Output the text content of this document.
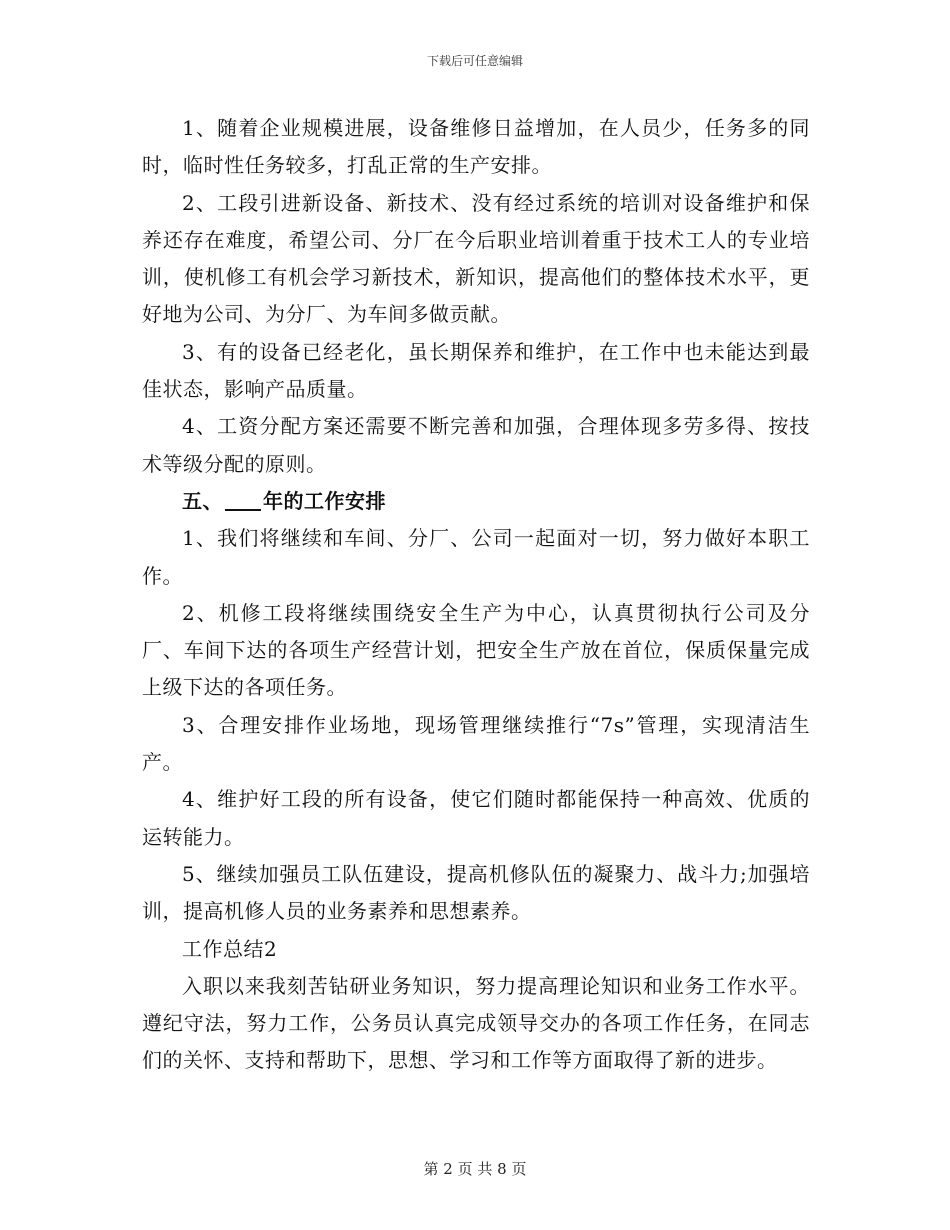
下载后可任意编辑

1、随着企业规模进展，设备维修日益增加，在人员少，任务多的同时，临时性任务较多，打乱正常的生产安排。

2、工段引进新设备、新技术、没有经过系统的培训对设备维护和保养还存在难度，希望公司、分厂在今后职业培训着重于技术工人的专业培训，使机修工有机会学习新技术，新知识，提高他们的整体技术水平，更好地为公司、为分厂、为车间多做贡献。

3、有的设备已经老化，虽长期保养和维护，在工作中也未能达到最佳状态，影响产品质量。

4、工资分配方案还需要不断完善和加强，合理体现多劳多得、按技术等级分配的原则。

五、 年的工作安排

1、我们将继续和车间、分厂、公司一起面对一切，努力做好本职工作。

2、机修工段将继续围绕安全生产为中心，认真贯彻执行公司及分厂、车间下达的各项生产经营计划，把安全生产放在首位，保质保量完成上级下达的各项任务。

3、合理安排作业场地，现场管理继续推行“7s”管理，实现清洁生产。

4、维护好工段的所有设备，使它们随时都能保持一种高效、优质的运转能力。

5、继续加强员工队伍建设，提高机修队伍的凝聚力、战斗力;加强培训，提高机修人员的业务素养和思想素养。

工作总结2

入职以来我刻苦钻研业务知识，努力提高理论知识和业务工作水平。遵纪守法，努力工作，公务员认真完成领导交办的各项工作任务，在同志们的关怀、支持和帮助下，思想、学习和工作等方面取得了新的进步。

第 2 页 共 8 页
